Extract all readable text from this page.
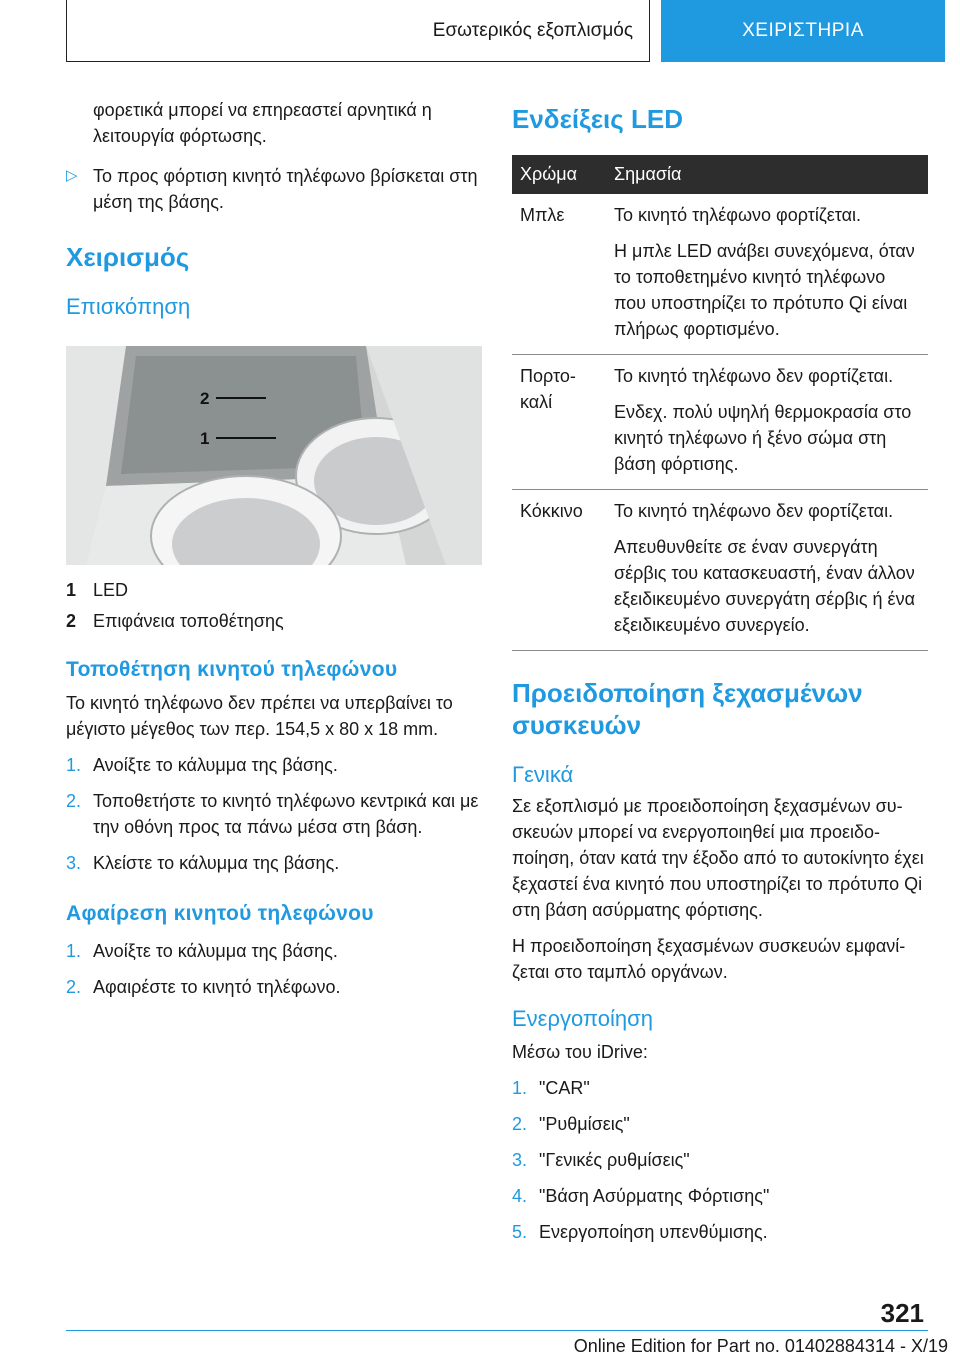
Εσωτερικός εξοπλισμός	ΧΕΙΡΙΣΤΗΡΙΑ

φορετικά μπορεί να επηρεαστεί αρνητικά η λειτουργία φόρτωσης.

▷ Το προς φόρτιση κινητό τηλέφωνο βρίσκεται στη μέση της βάσης.

Χειρισμός
Επισκόπηση
2
1
1 LED
2 Επιφάνεια τοποθέτησης
Τοποθέτηση κινητού τηλεφώνου

Το κινητό τηλέφωνο δεν πρέπει να υπερβαίνει το μέγιστο μέγεθος των περ. 154,5 x 80 x 18 mm.

1. Ανοίξτε το κάλυμμα της βάσης.
2. Τοποθετήστε το κινητό τηλέφωνο κεντρικά και με την οθόνη προς τα πάνω μέσα στη βάση.
3. Κλείστε το κάλυμμα της βάσης.
Αφαίρεση κινητού τηλεφώνου
1. Ανοίξτε το κάλυμμα της βάσης.
2. Αφαιρέστε το κινητό τηλέφωνο.
Ενδείξεις LED
Χρώμα	Σημασία
Μπλε	Το κινητό τηλέφωνο φορτίζεται.

Η μπλε LED ανάβει συνεχόμενα, όταν το τοποθετημένο κινητό τηλέφωνο που υποστηρίζει το πρότυπο Qi είναι πλήρως φορτισμένο.

Πορτοκαλί	Το κινητό τηλέφωνο δεν φορτίζεται.

Ενδεχ. πολύ υψηλή θερμοκρασία στο κινητό τηλέφωνο ή ξένο σώμα στη βάση φόρτισης.

Κόκκινο	Το κινητό τηλέφωνο δεν φορτίζεται.

Απευθυνθείτε σε έναν συνεργάτη σέρβις του κατασκευαστή, έναν άλλον εξειδικευμένο συνεργάτη σέρβις ή ένα εξειδικευμένο συνεργείο.

Προειδοποίηση ξεχασμένων συσκευών
Γενικά

Σε εξοπλισμό με προειδοποίηση ξεχασμένων συσκευών μπορεί να ενεργοποιηθεί μια προειδοποίηση, όταν κατά την έξοδο από το αυτοκίνητο έχει ξεχαστεί ένα κινητό που υποστηρίζει το πρότυπο Qi στη βάση ασύρματης φόρτισης.

Η προειδοποίηση ξεχασμένων συσκευών εμφανίζεται στο ταμπλό οργάνων.

Ενεργοποίηση

Μέσω του iDrive:

1. "CAR"
2. "Ρυθμίσεις"
3. "Γενικές ρυθμίσεις"
4. "Βάση Ασύρματης Φόρτισης"
5. Ενεργοποίηση υπενθύμισης.
321
Online Edition for Part no. 01402884314 - X/19
